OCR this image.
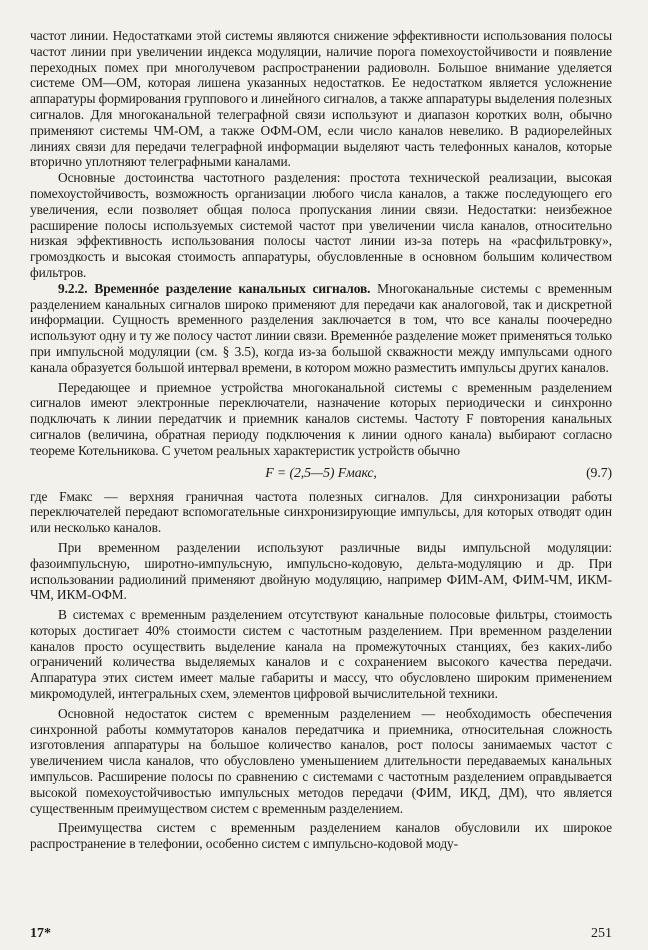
частот линии. Недостатками этой системы являются снижение эффективности использования полосы частот линии при увеличении индекса модуляции, наличие порога помехоустойчивости и появление переходных помех при многолучевом распространении радиоволн. Большое внимание уделяется системе ОМ—ОМ, которая лишена указанных недостатков. Ее недостатком является усложнение аппаратуры формирования группового и линейного сигналов, а также аппаратуры выделения полезных сигналов. Для многоканальной телеграфной связи используют и диапазон коротких волн, обычно применяют системы ЧМ-ОМ, а также ОФМ-ОМ, если число каналов невелико. В радиорелейных линиях связи для передачи телеграфной информации выделяют часть телефонных каналов, которые вторично уплотняют телеграфными каналами.

Основные достоинства частотного разделения: простота технической реализации, высокая помехоустойчивость, возможность организации любого числа каналов, а также последующего его увеличения, если позволяет общая полоса пропускания линии связи. Недостатки: неизбежное расширение полосы используемых системой частот при увеличении числа каналов, относительно низкая эффективность использования полосы частот линии из-за потерь на «расфильтровку», громоздкость и высокая стоимость аппаратуры, обусловленные в основном большим количеством фильтров.

9.2.2. Временнóе разделение канальных сигналов. Многоканальные системы с временным разделением канальных сигналов широко применяют для передачи как аналоговой, так и дискретной информации. Сущность временного разделения заключается в том, что все каналы поочередно используют одну и ту же полосу частот линии связи. Временнóе разделение может применяться только при импульсной модуляции (см. § 3.5), когда из-за большой скважности между импульсами одного канала образуется большой интервал времени, в котором можно разместить импульсы других каналов.

Передающее и приемное устройства многоканальной системы с временным разделением сигналов имеют электронные переключатели, назначение которых периодически и синхронно подключать к линии передатчик и приемник каналов системы. Частоту F повторения канальных сигналов (величина, обратная периоду подключения к линии одного канала) выбирают согласно теореме Котельникова. С учетом реальных характеристик устройств обычно

F = (2,5—5) Fмакс,	(9.7)

где Fмакс — верхняя граничная частота полезных сигналов. Для синхронизации работы переключателей передают вспомогательные синхронизирующие импульсы, для которых отводят один или несколько каналов.

При временном разделении используют различные виды импульсной модуляции: фазоимпульсную, широтно-импульсную, импульсно-кодовую, дельта-модуляцию и др. При использовании радиолиний применяют двойную модуляцию, например ФИМ-АМ, ФИМ-ЧМ, ИКМ-ЧМ, ИКМ-ОФМ.

В системах с временным разделением отсутствуют канальные полосовые фильтры, стоимость которых достигает 40% стоимости систем с частотным разделением. При временном разделении каналов просто осуществить выделение канала на промежуточных станциях, без каких-либо ограничений количества выделяемых каналов и с сохранением высокого качества передачи. Аппаратура этих систем имеет малые габариты и массу, что обусловлено широким применением микромодулей, интегральных схем, элементов цифровой вычислительной техники.

Основной недостаток систем с временным разделением — необходимость обеспечения синхронной работы коммутаторов каналов передатчика и приемника, относительная сложность изготовления аппаратуры на большое количество каналов, рост полосы занимаемых частот с увеличением числа каналов, что обусловлено уменьшением длительности передаваемых канальных импульсов. Расширение полосы по сравнению с системами с частотным разделением оправдывается высокой помехоустойчивостью импульсных методов передачи (ФИМ, ИКД, ДМ), что является существенным преимуществом систем с временным разделением.

Преимущества систем с временным разделением каналов обусловили их широкое распространение в телефонии, особенно систем с импульсно-кодовой моду-

17*	251
